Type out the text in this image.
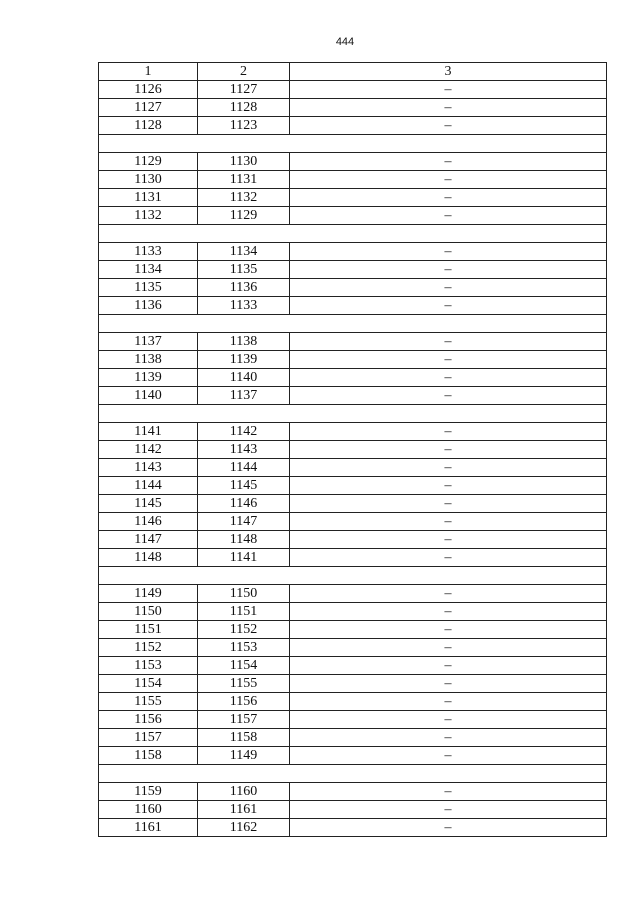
444
1	2	3
1126	1127	–
1127	1128	–
1128	1123	–

1129	1130	–
1130	1131	–
1131	1132	–
1132	1129	–

1133	1134	–
1134	1135	–
1135	1136	–
1136	1133	–

1137	1138	–
1138	1139	–
1139	1140	–
1140	1137	–

1141	1142	–
1142	1143	–
1143	1144	–
1144	1145	–
1145	1146	–
1146	1147	–
1147	1148	–
1148	1141	–

1149	1150	–
1150	1151	–
1151	1152	–
1152	1153	–
1153	1154	–
1154	1155	–
1155	1156	–
1156	1157	–
1157	1158	–
1158	1149	–

1159	1160	–
1160	1161	–
1161	1162	–
